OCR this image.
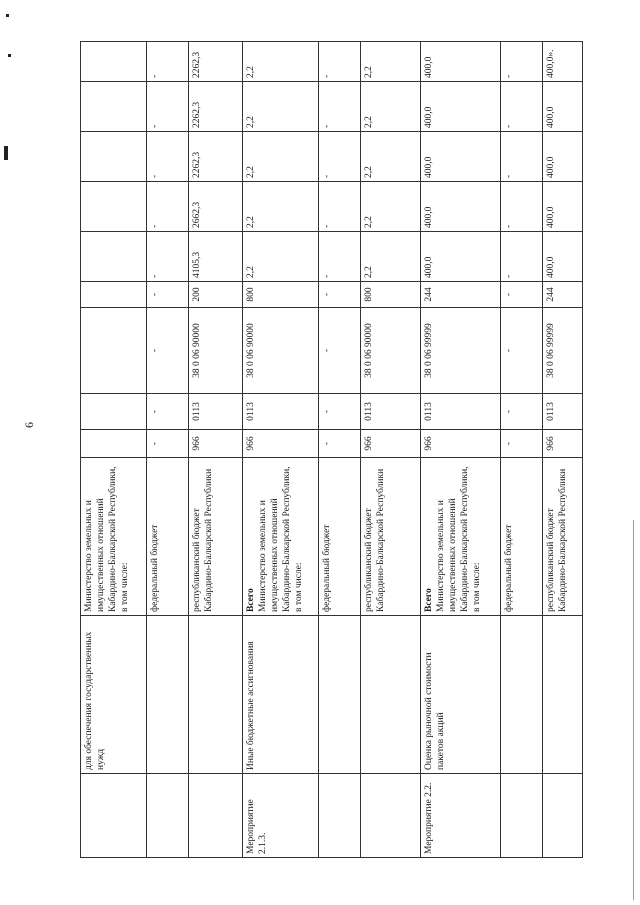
6
	для обеспечения государственных нужд	Министерство земельных и имущественных отношений Кабардино-Балкарской Республики, в том числе:									
		федеральный бюджет	-	-	-	-	-	-	-	-	-
		республиканский бюджет Кабардино-Балкарской Республики	966	0113	38 0 06 90000	200	4105,3	2662,3	2262,3	2262,3	2262,3
Мероприятие 2.1.3.	Иные бюджетные ассигнования	Всего Министерство земельных и имущественных отношений Кабардино-Балкарской Республики, в том числе:	966	0113	38 0 06 90000	800	2,2	2,2	2,2	2,2	2,2
		федеральный бюджет	-	-	-	-	-	-	-	-	-
		республиканский бюджет Кабардино-Балкарской Республики	966	0113	38 0 06 90000	800	2,2	2,2	2,2	2,2	2,2
Мероприятие 2.2.	Оценка рыночной стоимости пакетов акций	Всего Министерство земельных и имущественных отношений Кабардино-Балкарской Республики, в том числе:	966	0113	38 0 06 99999	244	400,0	400,0	400,0	400,0	400,0
		федеральный бюджет	-	-	-	-	-	-	-	-	-
		республиканский бюджет Кабардино-Балкарской Республики	966	0113	38 0 06 99999	244	400,0	400,0	400,0	400,0	400,0».
